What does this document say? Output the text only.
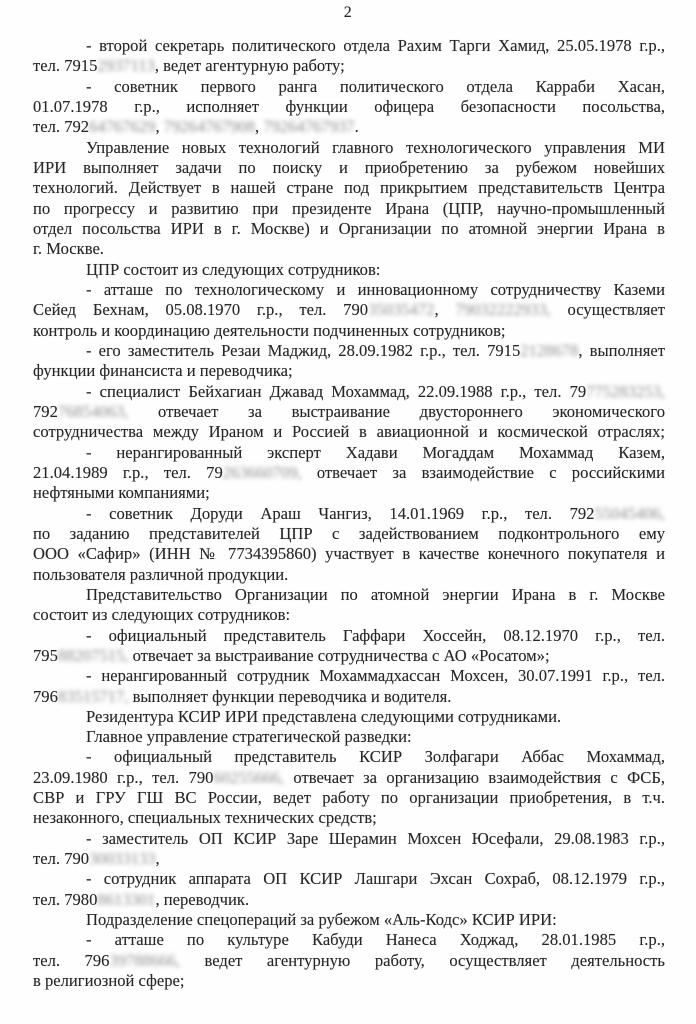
2
- второй секретарь политического отдела Рахим Тарги Хамид, 25.05.1978 г.р.,
тел. 79152937113, ведет агентурную работу;
- советник первого ранга политического отдела Карраби Хасан,
01.07.1978 г.р., исполняет функции офицера безопасности посольства,
тел. 79264767629, 79264767908, 79264767937.
Управление новых технологий главного технологического управления МИ
ИРИ выполняет задачи по поиску и приобретению за рубежом новейших
технологий. Действует в нашей стране под прикрытием представительств Центра
по прогрессу и развитию при президенте Ирана (ЦПР, научно-промышленный
отдел посольства ИРИ в г. Москве) и Организации по атомной энергии Ирана в
г. Москве.
ЦПР состоит из следующих сотрудников:
- атташе по технологическому и инновационному сотрудничеству Каземи
Сейед Бехнам, 05.08.1970 г.р., тел. 79035035472, 79032222933, осуществляет
контроль и координацию деятельности подчиненных сотрудников;
- его заместитель Резаи Маджид, 28.09.1982 г.р., тел. 79152128678, выполняет
функции финансиста и переводчика;
- специалист Бейхагиан Джавад Мохаммад, 22.09.1988 г.р., тел. 79775283253,
79276854063, отвечает за выстраивание двустороннего экономического
сотрудничества между Ираном и Россией в авиационной и космической отраслях;
- нерангированный эксперт Хадави Могаддам Мохаммад Казем,
21.04.1989 г.р., тел. 79263660709, отвечает за взаимодействие с российскими
нефтяными компаниями;
- советник Доруди Араш Чангиз, 14.01.1969 г.р., тел. 79255045406,
по заданию представителей ЦПР с задействованием подконтрольного ему
ООО «Сафир» (ИНН № 7734395860) участвует в качестве конечного покупателя и
пользователя различной продукции.
Представительство Организации по атомной энергии Ирана в г. Москве
состоит из следующих сотрудников:
- официальный представитель Гаффари Хоссейн, 08.12.1970 г.р., тел.
79588207515, отвечает за выстраивание сотрудничества с АО «Росатом»;
- нерангированный сотрудник Мохаммадхассан Мохсен, 30.07.1991 г.р., тел.
79683515717, выполняет функции переводчика и водителя.
Резидентура КСИР ИРИ представлена следующими сотрудниками.
Главное управление стратегической разведки:
- официальный представитель КСИР Золфагари Аббас Мохаммад,
23.09.1980 г.р., тел. 79060255666, отвечает за организацию взаимодействия с ФСБ,
СВР и ГРУ ГШ ВС России, ведет работу по организации приобретения, в т.ч.
незаконного, специальных технических средств;
- заместитель ОП КСИР Заре Шерамин Мохсен Юсефали, 29.08.1983 г.р.,
тел. 79030033133,
- сотрудник аппарата ОП КСИР Лашгари Эхсан Сохраб, 08.12.1979 г.р.,
тел. 79808613301, переводчик.
Подразделение спецопераций за рубежом «Аль-Кодс» КСИР ИРИ:
- атташе по культуре Кабуди Нанеса Ходжад, 28.01.1985 г.р.,
тел. 79639788666, ведет агентурную работу, осуществляет деятельность
в религиозной сфере;
